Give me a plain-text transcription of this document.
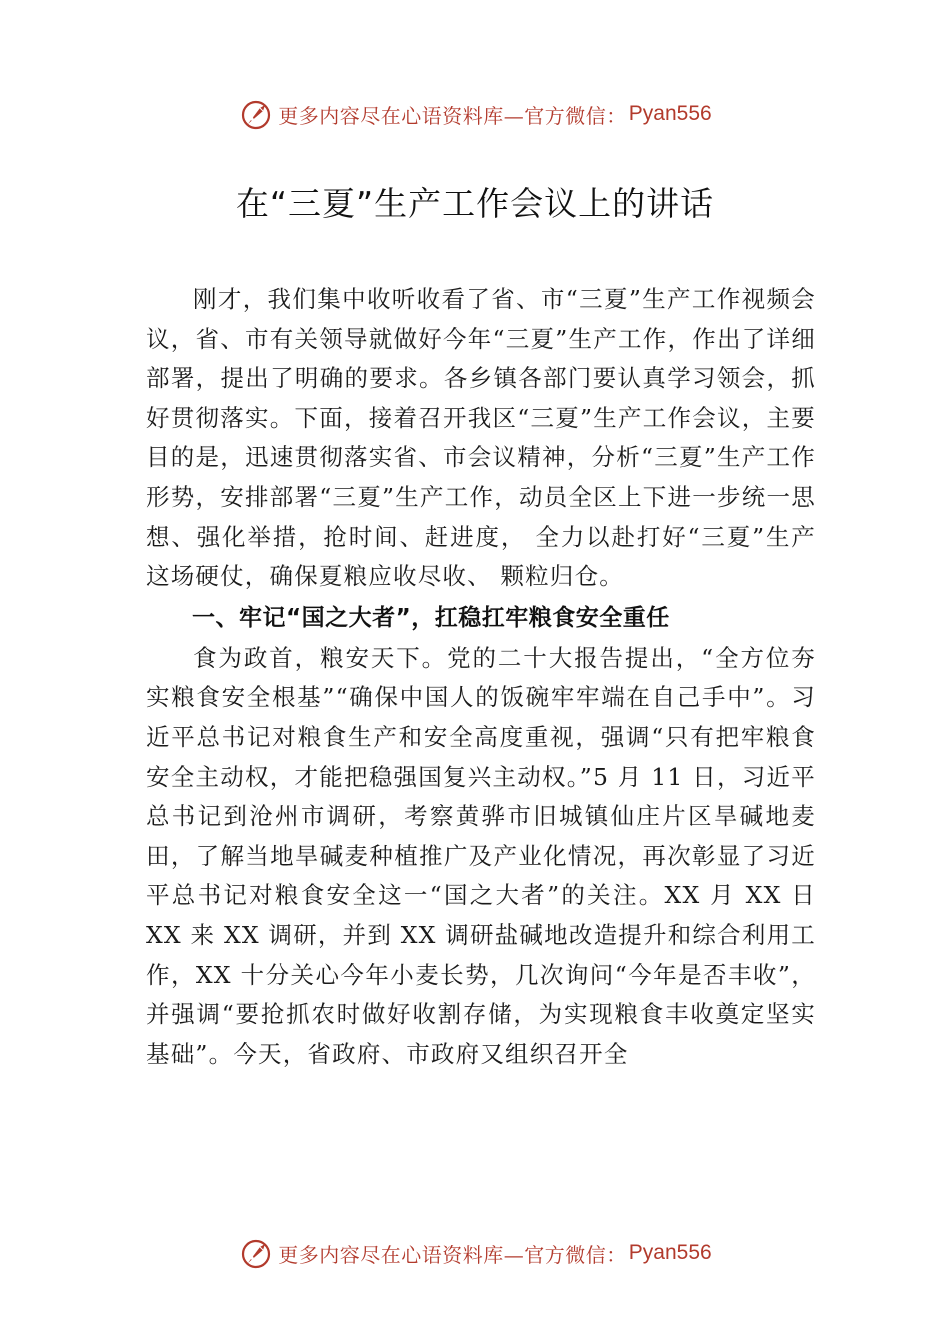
更多内容尽在心语资料库—官方微信： Pyan556
在“三夏”生产工作会议上的讲话

刚才，我们集中收听收看了省、市“三夏”生产工作视频会议，省、市有关领导就做好今年“三夏”生产工作，作出了详细部署，提出了明确的要求。各乡镇各部门要认真学习领会，抓好贯彻落实。下面，接着召开我区“三夏”生产工作会议，主要目的是，迅速贯彻落实省、市会议精神，分析“三夏”生产工作形势，安排部署“三夏”生产工作，动员全区上下进一步统一思想、强化举措，抢时间、赶进度， 全力以赴打好“三夏”生产这场硬仗，确保夏粮应收尽收、 颗粒归仓。

一、牢记“国之大者”，扛稳扛牢粮食安全重任

食为政首，粮安天下。党的二十大报告提出，“全方位夯实粮食安全根基”“确保中国人的饭碗牢牢端在自己手中”。习近平总书记对粮食生产和安全高度重视，强调“只有把牢粮食安全主动权，才能把稳强国复兴主动权。”5 月 11 日，习近平总书记到沧州市调研，考察黄骅市旧城镇仙庄片区旱碱地麦田，了解当地旱碱麦种植推广及产业化情况，再次彰显了习近平总书记对粮食安全这一“国之大者”的关注。XX 月 XX 日 XX 来 XX 调研，并到 XX 调研盐碱地改造提升和综合利用工作，XX 十分关心今年小麦长势，几次询问“今年是否丰收”，并强调“要抢抓农时做好收割存储，为实现粮食丰收奠定坚实基础”。今天，省政府、市政府又组织召开全

更多内容尽在心语资料库—官方微信： Pyan556
